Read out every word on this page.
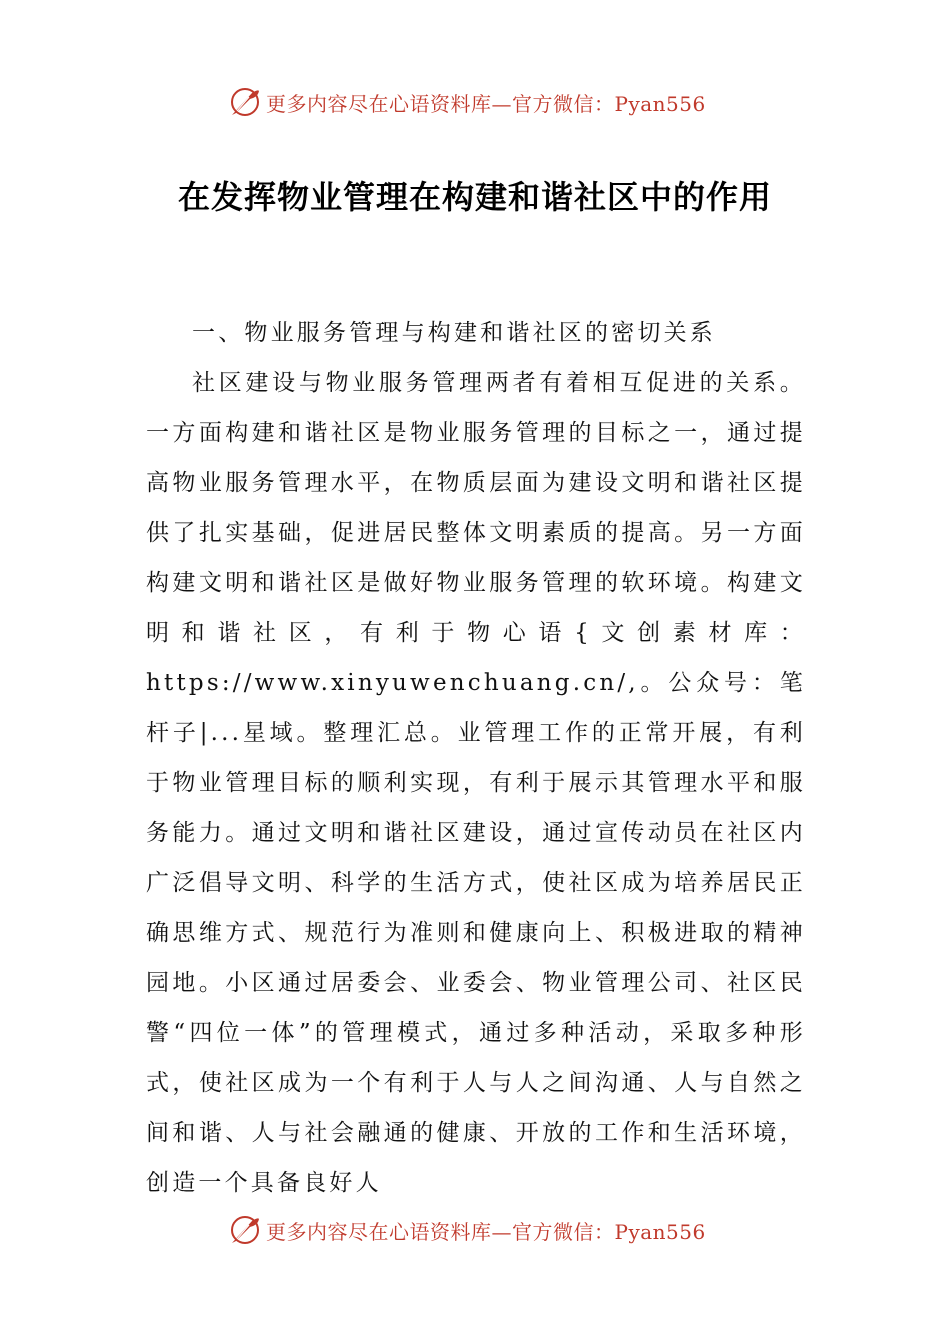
更多内容尽在心语资料库—官方微信：Pyan556
在发挥物业管理在构建和谐社区中的作用

一、物业服务管理与构建和谐社区的密切关系

社区建设与物业服务管理两者有着相互促进的关系。一方面构建和谐社区是物业服务管理的目标之一，通过提高物业服务管理水平，在物质层面为建设文明和谐社区提供了扎实基础，促进居民整体文明素质的提高。另一方面构建文明和谐社区是做好物业服务管理的软环境。构建文明和谐社区，有利于物心语{文创素材库：https://www.xinyuwenchuang.cn/,。公众号：笔杆子|...星域。整理汇总。业管理工作的正常开展，有利于物业管理目标的顺利实现，有利于展示其管理水平和服务能力。通过文明和谐社区建设，通过宣传动员在社区内广泛倡导文明、科学的生活方式，使社区成为培养居民正确思维方式、规范行为准则和健康向上、积极进取的精神园地。小区通过居委会、业委会、物业管理公司、社区民警“四位一体”的管理模式，通过多种活动，采取多种形式，使社区成为一个有利于人与人之间沟通、人与自然之间和谐、人与社会融通的健康、开放的工作和生活环境，创造一个具备良好人

更多内容尽在心语资料库—官方微信：Pyan556
